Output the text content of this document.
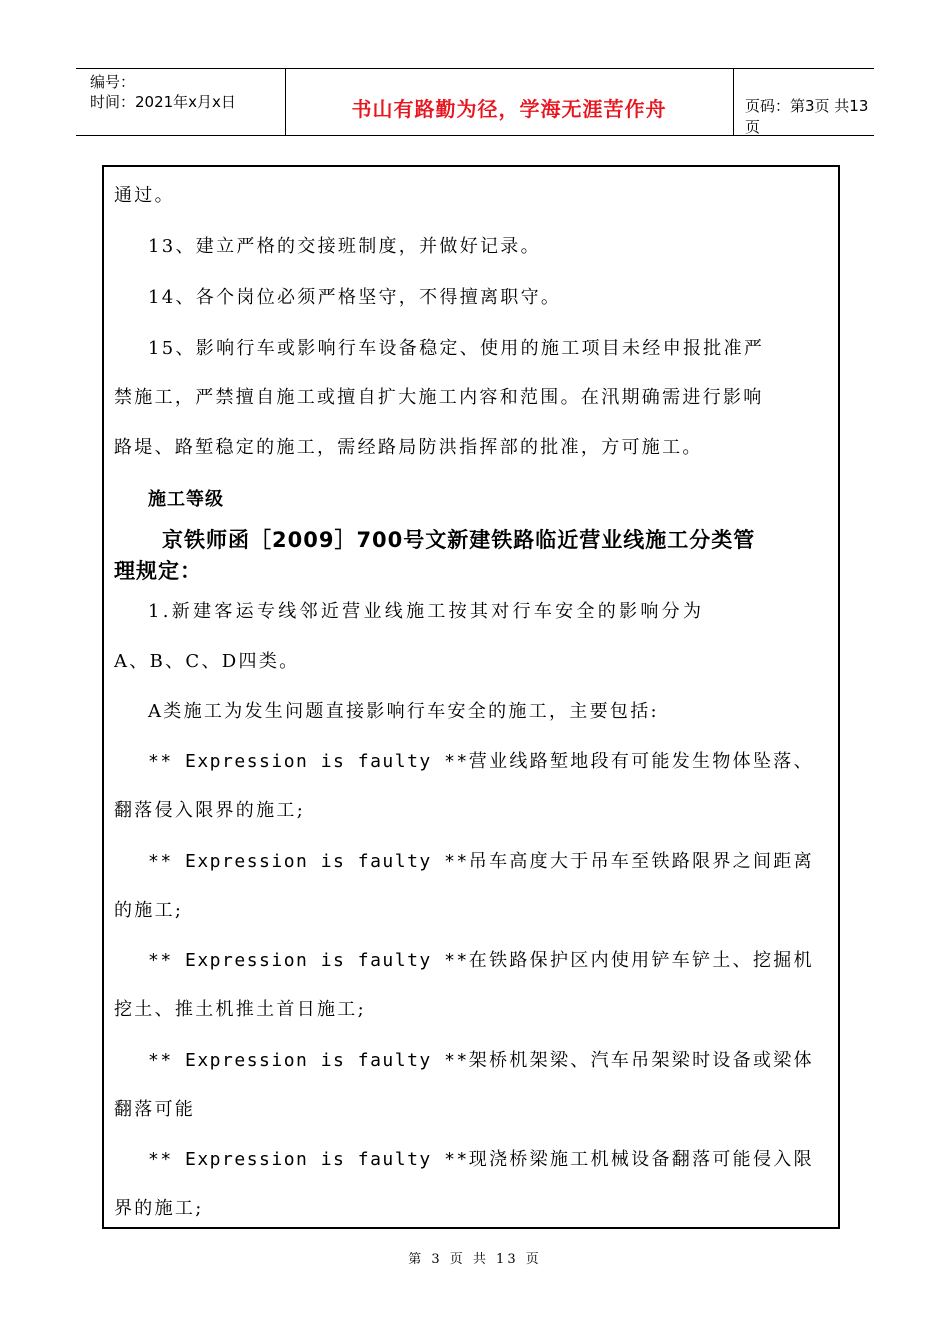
编号：
时间：2021年x月x日	书山有路勤为径，学海无涯苦作舟	页码：第3页 共13页
通过。
13、建立严格的交接班制度，并做好记录。
14、各个岗位必须严格坚守，不得擅离职守。
15、影响行车或影响行车设备稳定、使用的施工项目未经申报批准严
禁施工，严禁擅自施工或擅自扩大施工内容和范围。在汛期确需进行影响
路堤、路堑稳定的施工，需经路局防洪指挥部的批准，方可施工。
施工等级
京铁师函［2009］700号文新建铁路临近营业线施工分类管
理规定：
1.新建客运专线邻近营业线施工按其对行车安全的影响分为
A、B、C、D四类。
A类施工为发生问题直接影响行车安全的施工，主要包括:
** Expression is faulty **营业线路堑地段有可能发生物体坠落、
翻落侵入限界的施工;
** Expression is faulty **吊车高度大于吊车至铁路限界之间距离
的施工;
** Expression is faulty **在铁路保护区内使用铲车铲土、挖掘机
挖土、推土机推土首日施工;
** Expression is faulty **架桥机架梁、汽车吊架梁时设备或梁体
翻落可能
** Expression is faulty **现浇桥梁施工机械设备翻落可能侵入限
界的施工;
第 3 页 共 13 页
